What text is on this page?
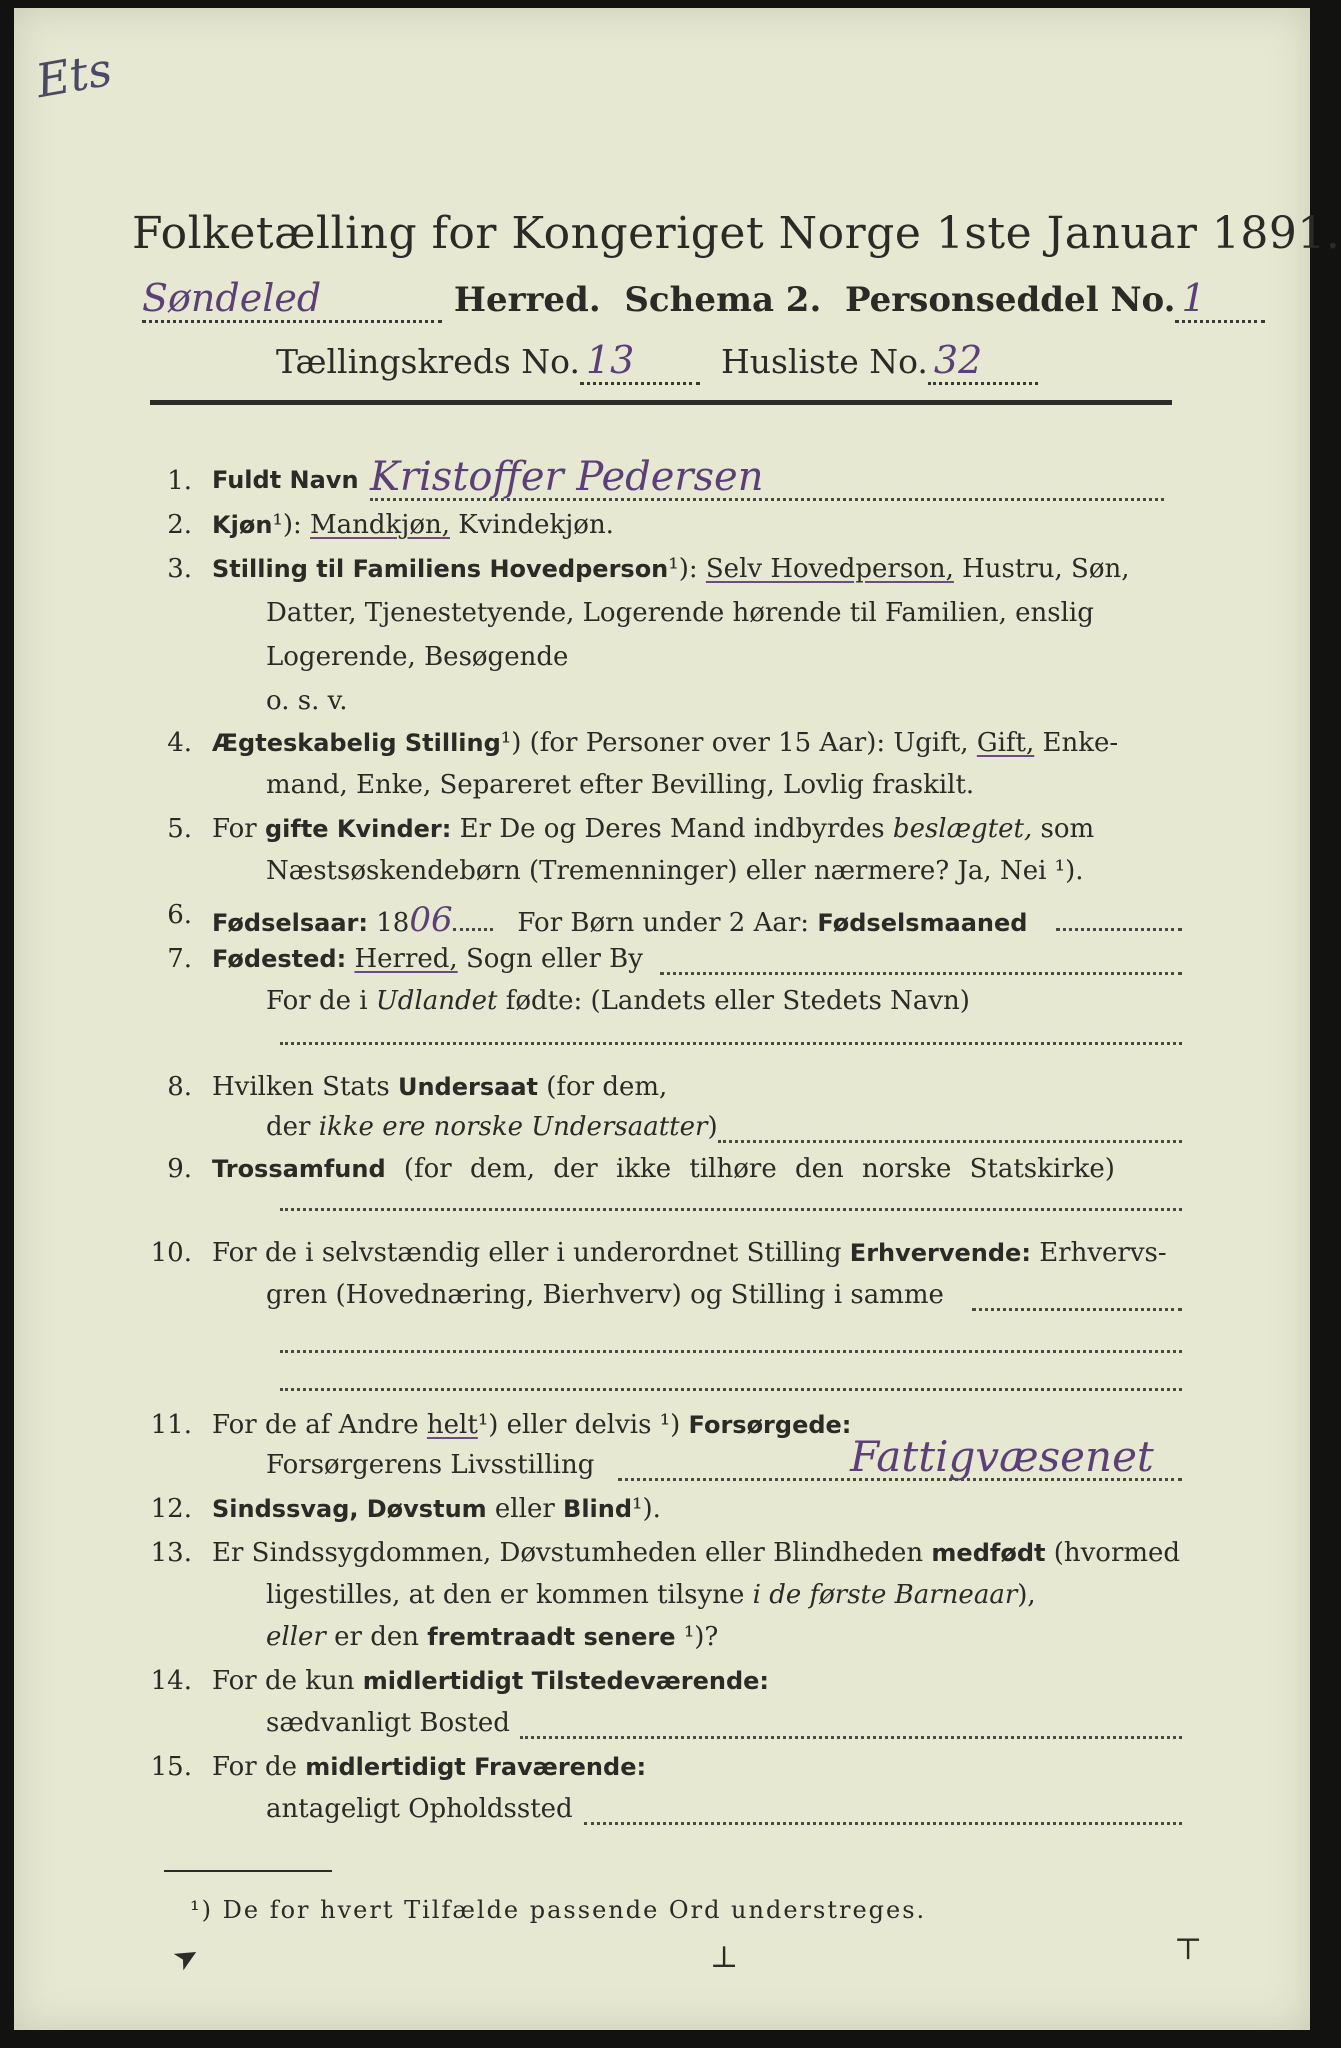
Ets
Folketælling for Kongeriget Norge 1ste Januar 1891.
Søndeled	Herred. Schema 2. Personseddel No. 1
Tællingskreds No. 13	Husliste No. 32
1. Fuldt Navn Kristoffer Pedersen
2. Kjøn¹): Mandkjøn, Kvindekjøn.
3. Stilling til Familiens Hovedperson¹): Selv Hovedperson, Hustru, Søn,
Datter, Tjenestetyende, Logerende hørende til Familien, enslig
Logerende, Besøgende
o. s. v.
4. Ægteskabelig Stilling¹) (for Personer over 15 Aar): Ugift, Gift, Enke-
mand, Enke, Separeret efter Bevilling, Lovlig fraskilt.
5. For gifte Kvinder: Er De og Deres Mand indbyrdes beslægtet, som
Næstsøskendebørn (Tremenninger) eller nærmere? Ja, Nei ¹).
6. Fødselsaar: 1806 For Børn under 2 Aar: Fødselsmaaned
7. Fødested: Herred, Sogn eller By
For de i Udlandet fødte: (Landets eller Stedets Navn)
8. Hvilken Stats Undersaat (for dem,
der ikke ere norske Undersaatter)
9. Trossamfund (for dem, der ikke tilhøre den norske Statskirke)
10. For de i selvstændig eller i underordnet Stilling Erhvervende: Erhvervs-
gren (Hovednæring, Bierhverv) og Stilling i samme
11. For de af Andre helt¹) eller delvis ¹) Forsørgede:
Forsørgerens Livsstilling	Fattigvæsenet
12. Sindssvag, Døvstum eller Blind¹).
13. Er Sindssygdommen, Døvstumheden eller Blindheden medfødt (hvormed
ligestilles, at den er kommen tilsyne i de første Barneaar),
eller er den fremtraadt senere ¹)?
14. For de kun midlertidigt Tilstedeværende:
sædvanligt Bosted
15. For de midlertidigt Fraværende:
antageligt Opholdssted
¹) De for hvert Tilfælde passende Ord understreges.
➤	⊥	⊤
